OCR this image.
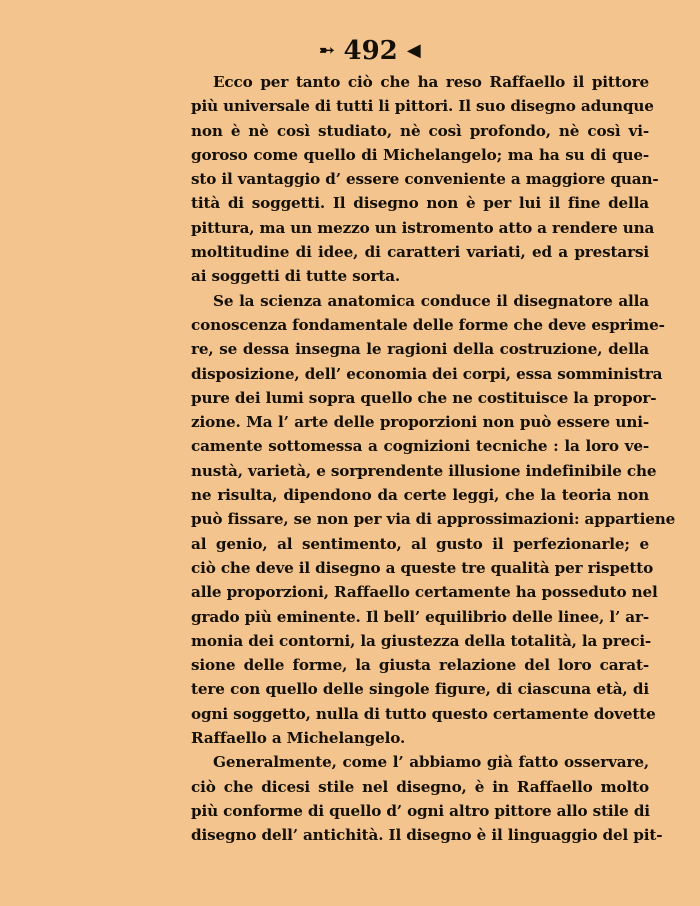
➸ 492 ◀
Ecco per tanto ciò che ha reso Raffaello il pittore
più universale di tutti li pittori. Il suo disegno adunque
non è nè così studiato, nè così profondo, nè così vi-
goroso come quello di Michelangelo; ma ha su di que-
sto il vantaggio d’ essere conveniente a maggiore quan-
tità di soggetti. Il disegno non è per lui il fine della
pittura, ma un mezzo un istromento atto a rendere una
moltitudine di idee, di caratteri variati, ed a prestarsi
ai soggetti di tutte sorta.
Se la scienza anatomica conduce il disegnatore alla
conoscenza fondamentale delle forme che deve esprime-
re, se dessa insegna le ragioni della costruzione, della
disposizione, dell’ economia dei corpi, essa somministra
pure dei lumi sopra quello che ne costituisce la propor-
zione. Ma l’ arte delle proporzioni non può essere uni-
camente sottomessa a cognizioni tecniche : la loro ve-
nustà, varietà, e sorprendente illusione indefinibile che
ne risulta, dipendono da certe leggi, che la teoria non
può fissare, se non per via di approssimazioni: appartiene
al genio, al sentimento, al gusto il perfezionarle; e
ciò che deve il disegno a queste tre qualità per rispetto
alle proporzioni, Raffaello certamente ha posseduto nel
grado più eminente. Il bell’ equilibrio delle linee, l’ ar-
monia dei contorni, la giustezza della totalità, la preci-
sione delle forme, la giusta relazione del loro carat-
tere con quello delle singole figure, di ciascuna età, di
ogni soggetto, nulla di tutto questo certamente dovette
Raffaello a Michelangelo.
Generalmente, come l’ abbiamo già fatto osservare,
ciò che dicesi stile nel disegno, è in Raffaello molto
più conforme di quello d’ ogni altro pittore allo stile di
disegno dell’ antichità. Il disegno è il linguaggio del pit-
